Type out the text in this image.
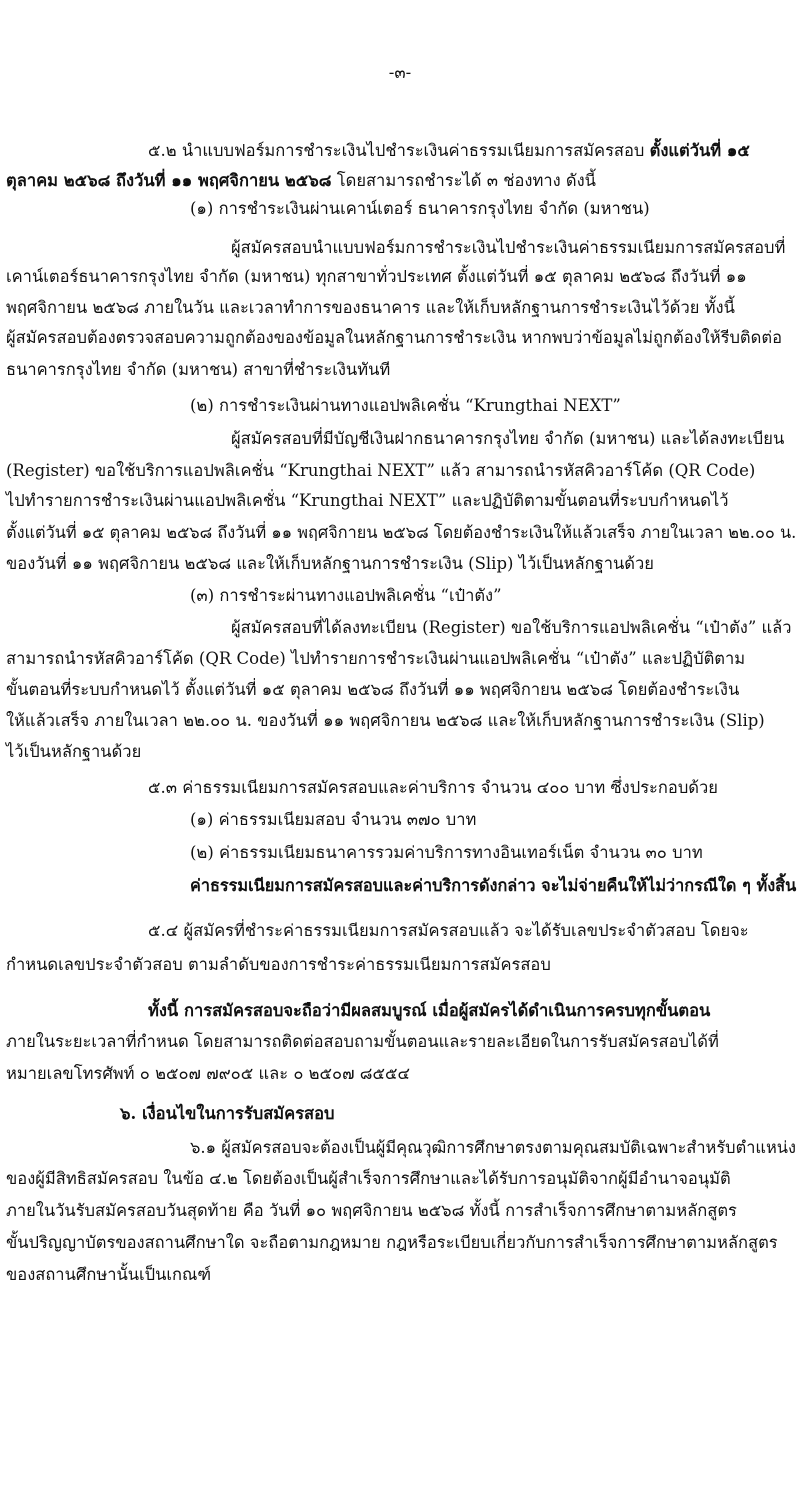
-๓-
๕.๒ นำแบบฟอร์มการชำระเงินไปชำระเงินค่าธรรมเนียมการสมัครสอบ ตั้งแต่วันที่ ๑๕
ตุลาคม ๒๕๖๘ ถึงวันที่ ๑๑ พฤศจิกายน ๒๕๖๘ โดยสามารถชำระได้ ๓ ช่องทาง ดังนี้
(๑) การชำระเงินผ่านเคาน์เตอร์ ธนาคารกรุงไทย จำกัด (มหาชน)
ผู้สมัครสอบนำแบบฟอร์มการชำระเงินไปชำระเงินค่าธรรมเนียมการสมัครสอบที่
เคาน์เตอร์ธนาคารกรุงไทย จำกัด (มหาชน) ทุกสาขาทั่วประเทศ ตั้งแต่วันที่ ๑๕ ตุลาคม ๒๕๖๘ ถึงวันที่ ๑๑
พฤศจิกายน ๒๕๖๘ ภายในวัน และเวลาทำการของธนาคาร และให้เก็บหลักฐานการชำระเงินไว้ด้วย ทั้งนี้
ผู้สมัครสอบต้องตรวจสอบความถูกต้องของข้อมูลในหลักฐานการชำระเงิน หากพบว่าข้อมูลไม่ถูกต้องให้รีบติดต่อ
ธนาคารกรุงไทย จำกัด (มหาชน) สาขาที่ชำระเงินทันที
(๒) การชำระเงินผ่านทางแอปพลิเคชั่น “Krungthai NEXT”
ผู้สมัครสอบที่มีบัญชีเงินฝากธนาคารกรุงไทย จำกัด (มหาชน) และได้ลงทะเบียน
(Register) ขอใช้บริการแอปพลิเคชั่น “Krungthai NEXT” แล้ว สามารถนำรหัสคิวอาร์โค้ด (QR Code)
ไปทำรายการชำระเงินผ่านแอปพลิเคชั่น “Krungthai NEXT” และปฏิบัติตามขั้นตอนที่ระบบกำหนดไว้
ตั้งแต่วันที่ ๑๕ ตุลาคม ๒๕๖๘ ถึงวันที่ ๑๑ พฤศจิกายน ๒๕๖๘ โดยต้องชำระเงินให้แล้วเสร็จ ภายในเวลา ๒๒.๐๐ น.
ของวันที่ ๑๑ พฤศจิกายน ๒๕๖๘ และให้เก็บหลักฐานการชำระเงิน (Slip) ไว้เป็นหลักฐานด้วย
(๓) การชำระผ่านทางแอปพลิเคชั่น “เป๋าตัง”
ผู้สมัครสอบที่ได้ลงทะเบียน (Register) ขอใช้บริการแอปพลิเคชั่น “เป๋าตัง” แล้ว
สามารถนำรหัสคิวอาร์โค้ด (QR Code) ไปทำรายการชำระเงินผ่านแอปพลิเคชั่น “เป๋าตัง” และปฏิบัติตาม
ขั้นตอนที่ระบบกำหนดไว้ ตั้งแต่วันที่ ๑๕ ตุลาคม ๒๕๖๘ ถึงวันที่ ๑๑ พฤศจิกายน ๒๕๖๘ โดยต้องชำระเงิน
ให้แล้วเสร็จ ภายในเวลา ๒๒.๐๐ น. ของวันที่ ๑๑ พฤศจิกายน ๒๕๖๘ และให้เก็บหลักฐานการชำระเงิน (Slip)
ไว้เป็นหลักฐานด้วย
๕.๓ ค่าธรรมเนียมการสมัครสอบและค่าบริการ จำนวน ๔๐๐ บาท ซึ่งประกอบด้วย
(๑) ค่าธรรมเนียมสอบ จำนวน ๓๗๐ บาท
(๒) ค่าธรรมเนียมธนาคารรวมค่าบริการทางอินเทอร์เน็ต จำนวน ๓๐ บาท
ค่าธรรมเนียมการสมัครสอบและค่าบริการดังกล่าว จะไม่จ่ายคืนให้ไม่ว่ากรณีใด ๆ ทั้งสิ้น
๕.๔ ผู้สมัครที่ชำระค่าธรรมเนียมการสมัครสอบแล้ว จะได้รับเลขประจำตัวสอบ โดยจะ
กำหนดเลขประจำตัวสอบ ตามลำดับของการชำระค่าธรรมเนียมการสมัครสอบ
ทั้งนี้ การสมัครสอบจะถือว่ามีผลสมบูรณ์ เมื่อผู้สมัครได้ดำเนินการครบทุกขั้นตอน
ภายในระยะเวลาที่กำหนด โดยสามารถติดต่อสอบถามขั้นตอนและรายละเอียดในการรับสมัครสอบได้ที่
หมายเลขโทรศัพท์ ๐ ๒๕๐๗ ๗๙๐๕ และ ๐ ๒๕๐๗ ๘๕๕๔
๖. เงื่อนไขในการรับสมัครสอบ
๖.๑ ผู้สมัครสอบจะต้องเป็นผู้มีคุณวุฒิการศึกษาตรงตามคุณสมบัติเฉพาะสำหรับตำแหน่ง
ของผู้มีสิทธิสมัครสอบ ในข้อ ๔.๒ โดยต้องเป็นผู้สำเร็จการศึกษาและได้รับการอนุมัติจากผู้มีอำนาจอนุมัติ
ภายในวันรับสมัครสอบวันสุดท้าย คือ วันที่ ๑๐ พฤศจิกายน ๒๕๖๘ ทั้งนี้ การสำเร็จการศึกษาตามหลักสูตร
ขั้นปริญญาบัตรของสถานศึกษาใด จะถือตามกฎหมาย กฎหรือระเบียบเกี่ยวกับการสำเร็จการศึกษาตามหลักสูตร
ของสถานศึกษานั้นเป็นเกณฑ์
